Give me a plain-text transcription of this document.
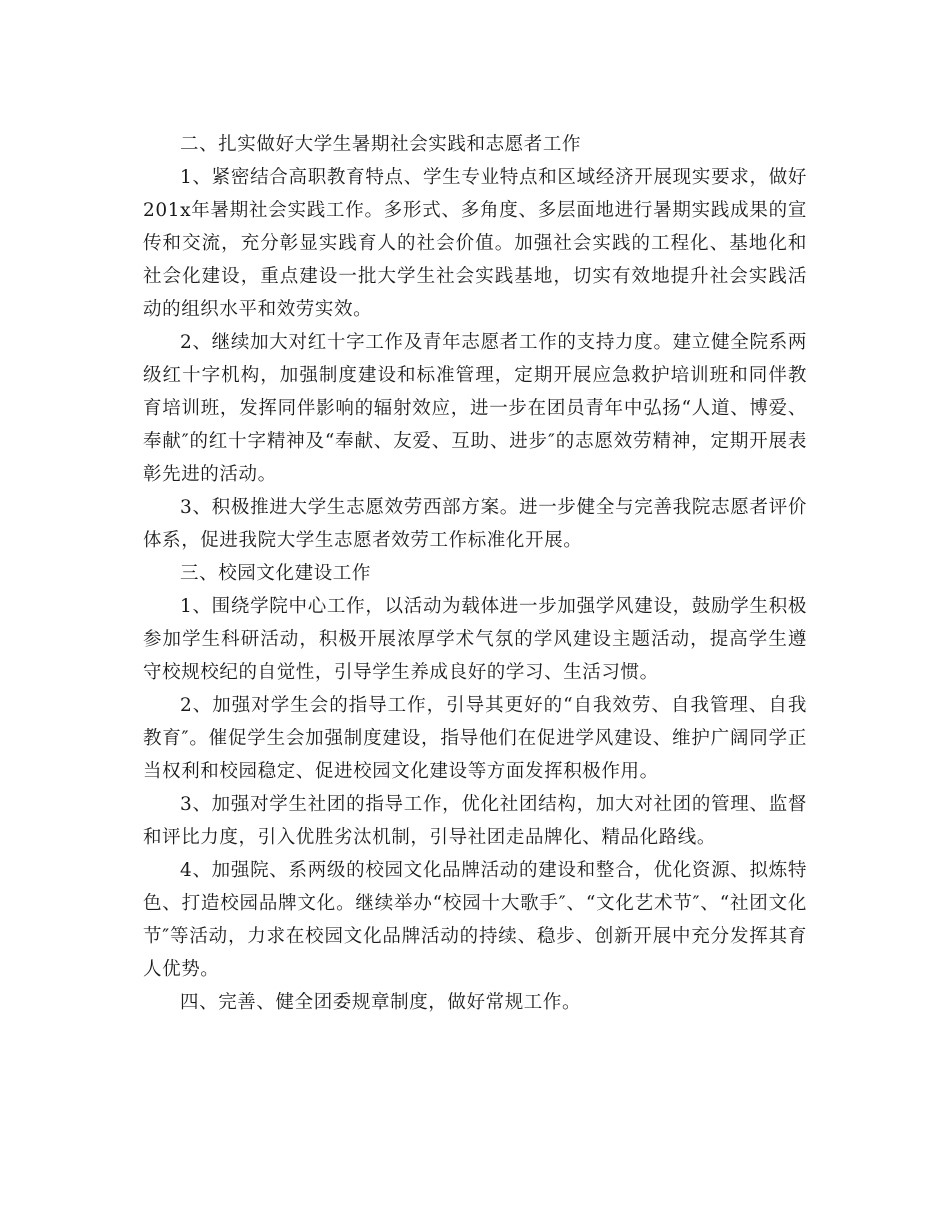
二、扎实做好大学生暑期社会实践和志愿者工作

1、紧密结合高职教育特点、学生专业特点和区域经济开展现实要求，做好201x年暑期社会实践工作。多形式、多角度、多层面地进行暑期实践成果的宣传和交流，充分彰显实践育人的社会价值。加强社会实践的工程化、基地化和社会化建设，重点建设一批大学生社会实践基地，切实有效地提升社会实践活动的组织水平和效劳实效。

2、继续加大对红十字工作及青年志愿者工作的支持力度。建立健全院系两级红十字机构，加强制度建设和标准管理，定期开展应急救护培训班和同伴教育培训班，发挥同伴影响的辐射效应，进一步在团员青年中弘扬“人道、博爱、奉献″的红十字精神及“奉献、友爱、互助、进步″的志愿效劳精神，定期开展表彰先进的活动。

3、积极推进大学生志愿效劳西部方案。进一步健全与完善我院志愿者评价体系，促进我院大学生志愿者效劳工作标准化开展。

三、校园文化建设工作

1、围绕学院中心工作，以活动为载体进一步加强学风建设，鼓励学生积极参加学生科研活动，积极开展浓厚学术气氛的学风建设主题活动，提高学生遵守校规校纪的自觉性，引导学生养成良好的学习、生活习惯。

2、加强对学生会的指导工作，引导其更好的“自我效劳、自我管理、自我教育″。催促学生会加强制度建设，指导他们在促进学风建设、维护广阔同学正当权利和校园稳定、促进校园文化建设等方面发挥积极作用。

3、加强对学生社团的指导工作，优化社团结构，加大对社团的管理、监督和评比力度，引入优胜劣汰机制，引导社团走品牌化、精品化路线。

4、加强院、系两级的校园文化品牌活动的建设和整合，优化资源、拟炼特色、打造校园品牌文化。继续举办“校园十大歌手″、“文化艺术节″、“社团文化节″等活动，力求在校园文化品牌活动的持续、稳步、创新开展中充分发挥其育人优势。

四、完善、健全团委规章制度，做好常规工作。
